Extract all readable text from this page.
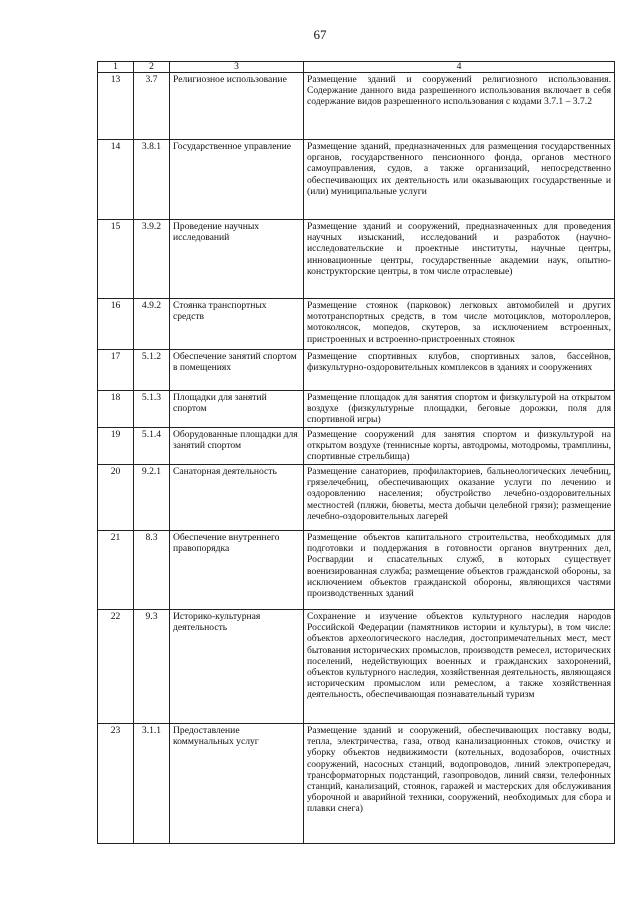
67
1	2	3	4
13	3.7	Религиозное использование	Размещение зданий и сооружений религиозного использования. Содержание данного вида разрешенного использования включает в себя содержание видов разрешенного использования с кодами 3.7.1 – 3.7.2
14	3.8.1	Государственное управление	Размещение зданий, предназначенных для размещения государственных органов, государственного пенсионного фонда, органов местного самоуправления, судов, а также организаций, непосредственно обеспечивающих их деятельность или оказывающих государственные и (или) муниципальные услуги
15	3.9.2	Проведение научных исследований	Размещение зданий и сооружений, предназначенных для проведения научных изысканий, исследований и разработок (научно-исследовательские и проектные институты, научные центры, инновационные центры, государственные академии наук, опытно-конструкторские центры, в том числе отраслевые)
16	4.9.2	Стоянка транспортных средств	Размещение стоянок (парковок) легковых автомобилей и других мототранспортных средств, в том числе мотоциклов, мотороллеров, мотоколясок, мопедов, скутеров, за исключением встроенных, пристроенных и встроенно-пристроенных стоянок
17	5.1.2	Обеспечение занятий спортом в помещениях	Размещение спортивных клубов, спортивных залов, бассейнов, физкультурно-оздоровительных комплексов в зданиях и сооружениях
18	5.1.3	Площадки для занятий спортом	Размещение площадок для занятия спортом и физкультурой на открытом воздухе (физкультурные площадки, беговые дорожки, поля для спортивной игры)
19	5.1.4	Оборудованные площадки для занятий спортом	Размещение сооружений для занятия спортом и физкультурой на открытом воздухе (теннисные корты, автодромы, мотодромы, трамплины, спортивные стрельбища)
20	9.2.1	Санаторная деятельность	Размещение санаториев, профилакториев, бальнеологических лечебниц, грязелечебниц, обеспечивающих оказание услуги по лечению и оздоровлению населения; обустройство лечебно-оздоровительных местностей (пляжи, бюветы, места добычи целебной грязи); размещение лечебно-оздоровительных лагерей
21	8.3	Обеспечение внутреннего правопорядка	Размещение объектов капитального строительства, необходимых для подготовки и поддержания в готовности органов внутренних дел, Росгвардии и спасательных служб, в которых существует военизированная служба; размещение объектов гражданской обороны, за исключением объектов гражданской обороны, являющихся частями производственных зданий
22	9.3	Историко-культурная деятельность	Сохранение и изучение объектов культурного наследия народов Российской Федерации (памятников истории и культуры), в том числе: объектов археологического наследия, достопримечательных мест, мест бытования исторических промыслов, производств ремесел, исторических поселений, недействующих военных и гражданских захоронений, объектов культурного наследия, хозяйственная деятельность, являющаяся историческим промыслом или ремеслом, а также хозяйственная деятельность, обеспечивающая познавательный туризм
23	3.1.1	Предоставление коммунальных услуг	Размещение зданий и сооружений, обеспечивающих поставку воды, тепла, электричества, газа, отвод канализационных стоков, очистку и уборку объектов недвижимости (котельных, водозаборов, очистных сооружений, насосных станций, водопроводов, линий электропередач, трансформаторных подстанций, газопроводов, линий связи, телефонных станций, канализаций, стоянок, гаражей и мастерских для обслуживания уборочной и аварийной техники, сооружений, необходимых для сбора и плавки снега)
